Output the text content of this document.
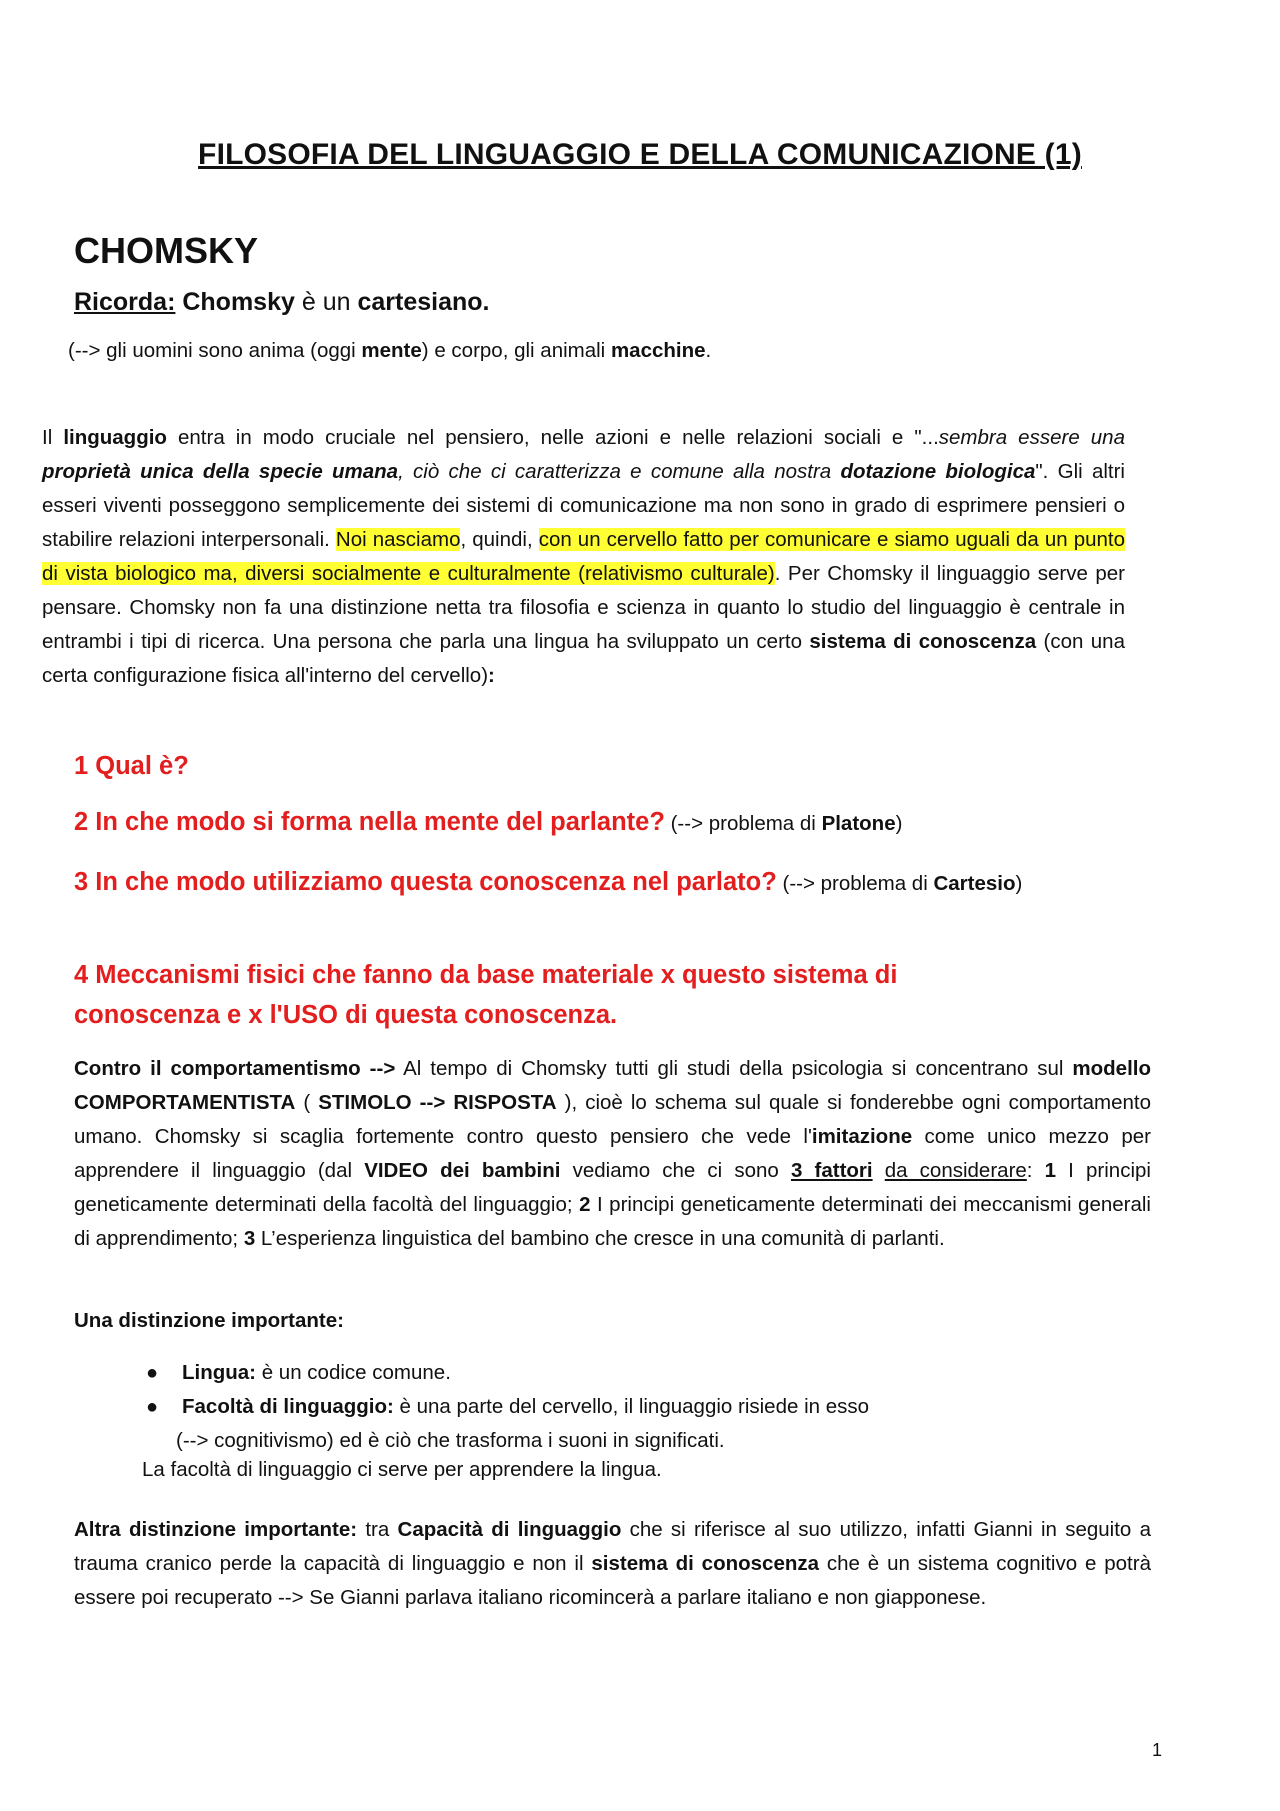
FILOSOFIA DEL LINGUAGGIO E DELLA COMUNICAZIONE (1)
CHOMSKY
Ricorda: Chomsky è un cartesiano.
(--> gli uomini sono anima (oggi mente) e corpo, gli animali macchine.
Il linguaggio entra in modo cruciale nel pensiero, nelle azioni e nelle relazioni sociali e "...sembra essere una proprietà unica della specie umana, ciò che ci caratterizza e comune alla nostra dotazione biologica". Gli altri esseri viventi posseggono semplicemente dei sistemi di comunicazione ma non sono in grado di esprimere pensieri o stabilire relazioni interpersonali. Noi nasciamo, quindi, con un cervello fatto per comunicare e siamo uguali da un punto di vista biologico ma, diversi socialmente e culturalmente (relativismo culturale). Per Chomsky il linguaggio serve per pensare. Chomsky non fa una distinzione netta tra filosofia e scienza in quanto lo studio del linguaggio è centrale in entrambi i tipi di ricerca. Una persona che parla una lingua ha sviluppato un certo sistema di conoscenza (con una certa configurazione fisica all'interno del cervello):
1 Qual è?
2 In che modo si forma nella mente del parlante? (--> problema di Platone)
3 In che modo utilizziamo questa conoscenza nel parlato? (--> problema di Cartesio)
4 Meccanismi fisici che fanno da base materiale x questo sistema di conoscenza e x l'USO di questa conoscenza.
Contro il comportamentismo --> Al tempo di Chomsky tutti gli studi della psicologia si concentrano sul modello COMPORTAMENTISTA ( STIMOLO --> RISPOSTA ), cioè lo schema sul quale si fonderebbe ogni comportamento umano. Chomsky si scaglia fortemente contro questo pensiero che vede l'imitazione come unico mezzo per apprendere il linguaggio (dal VIDEO dei bambini vediamo che ci sono 3 fattori da considerare: 1 I principi geneticamente determinati della facoltà del linguaggio; 2 I principi geneticamente determinati dei meccanismi generali di apprendimento; 3 L’esperienza linguistica del bambino che cresce in una comunità di parlanti.
Una distinzione importante:
● Lingua: è un codice comune.
● Facoltà di linguaggio: è una parte del cervello, il linguaggio risiede in esso
(--> cognitivismo) ed è ciò che trasforma i suoni in significati.
La facoltà di linguaggio ci serve per apprendere la lingua.
Altra distinzione importante: tra Capacità di linguaggio che si riferisce al suo utilizzo, infatti Gianni in seguito a trauma cranico perde la capacità di linguaggio e non il sistema di conoscenza che è un sistema cognitivo e potrà essere poi recuperato --> Se Gianni parlava italiano ricomincerà a parlare italiano e non giapponese.
1
